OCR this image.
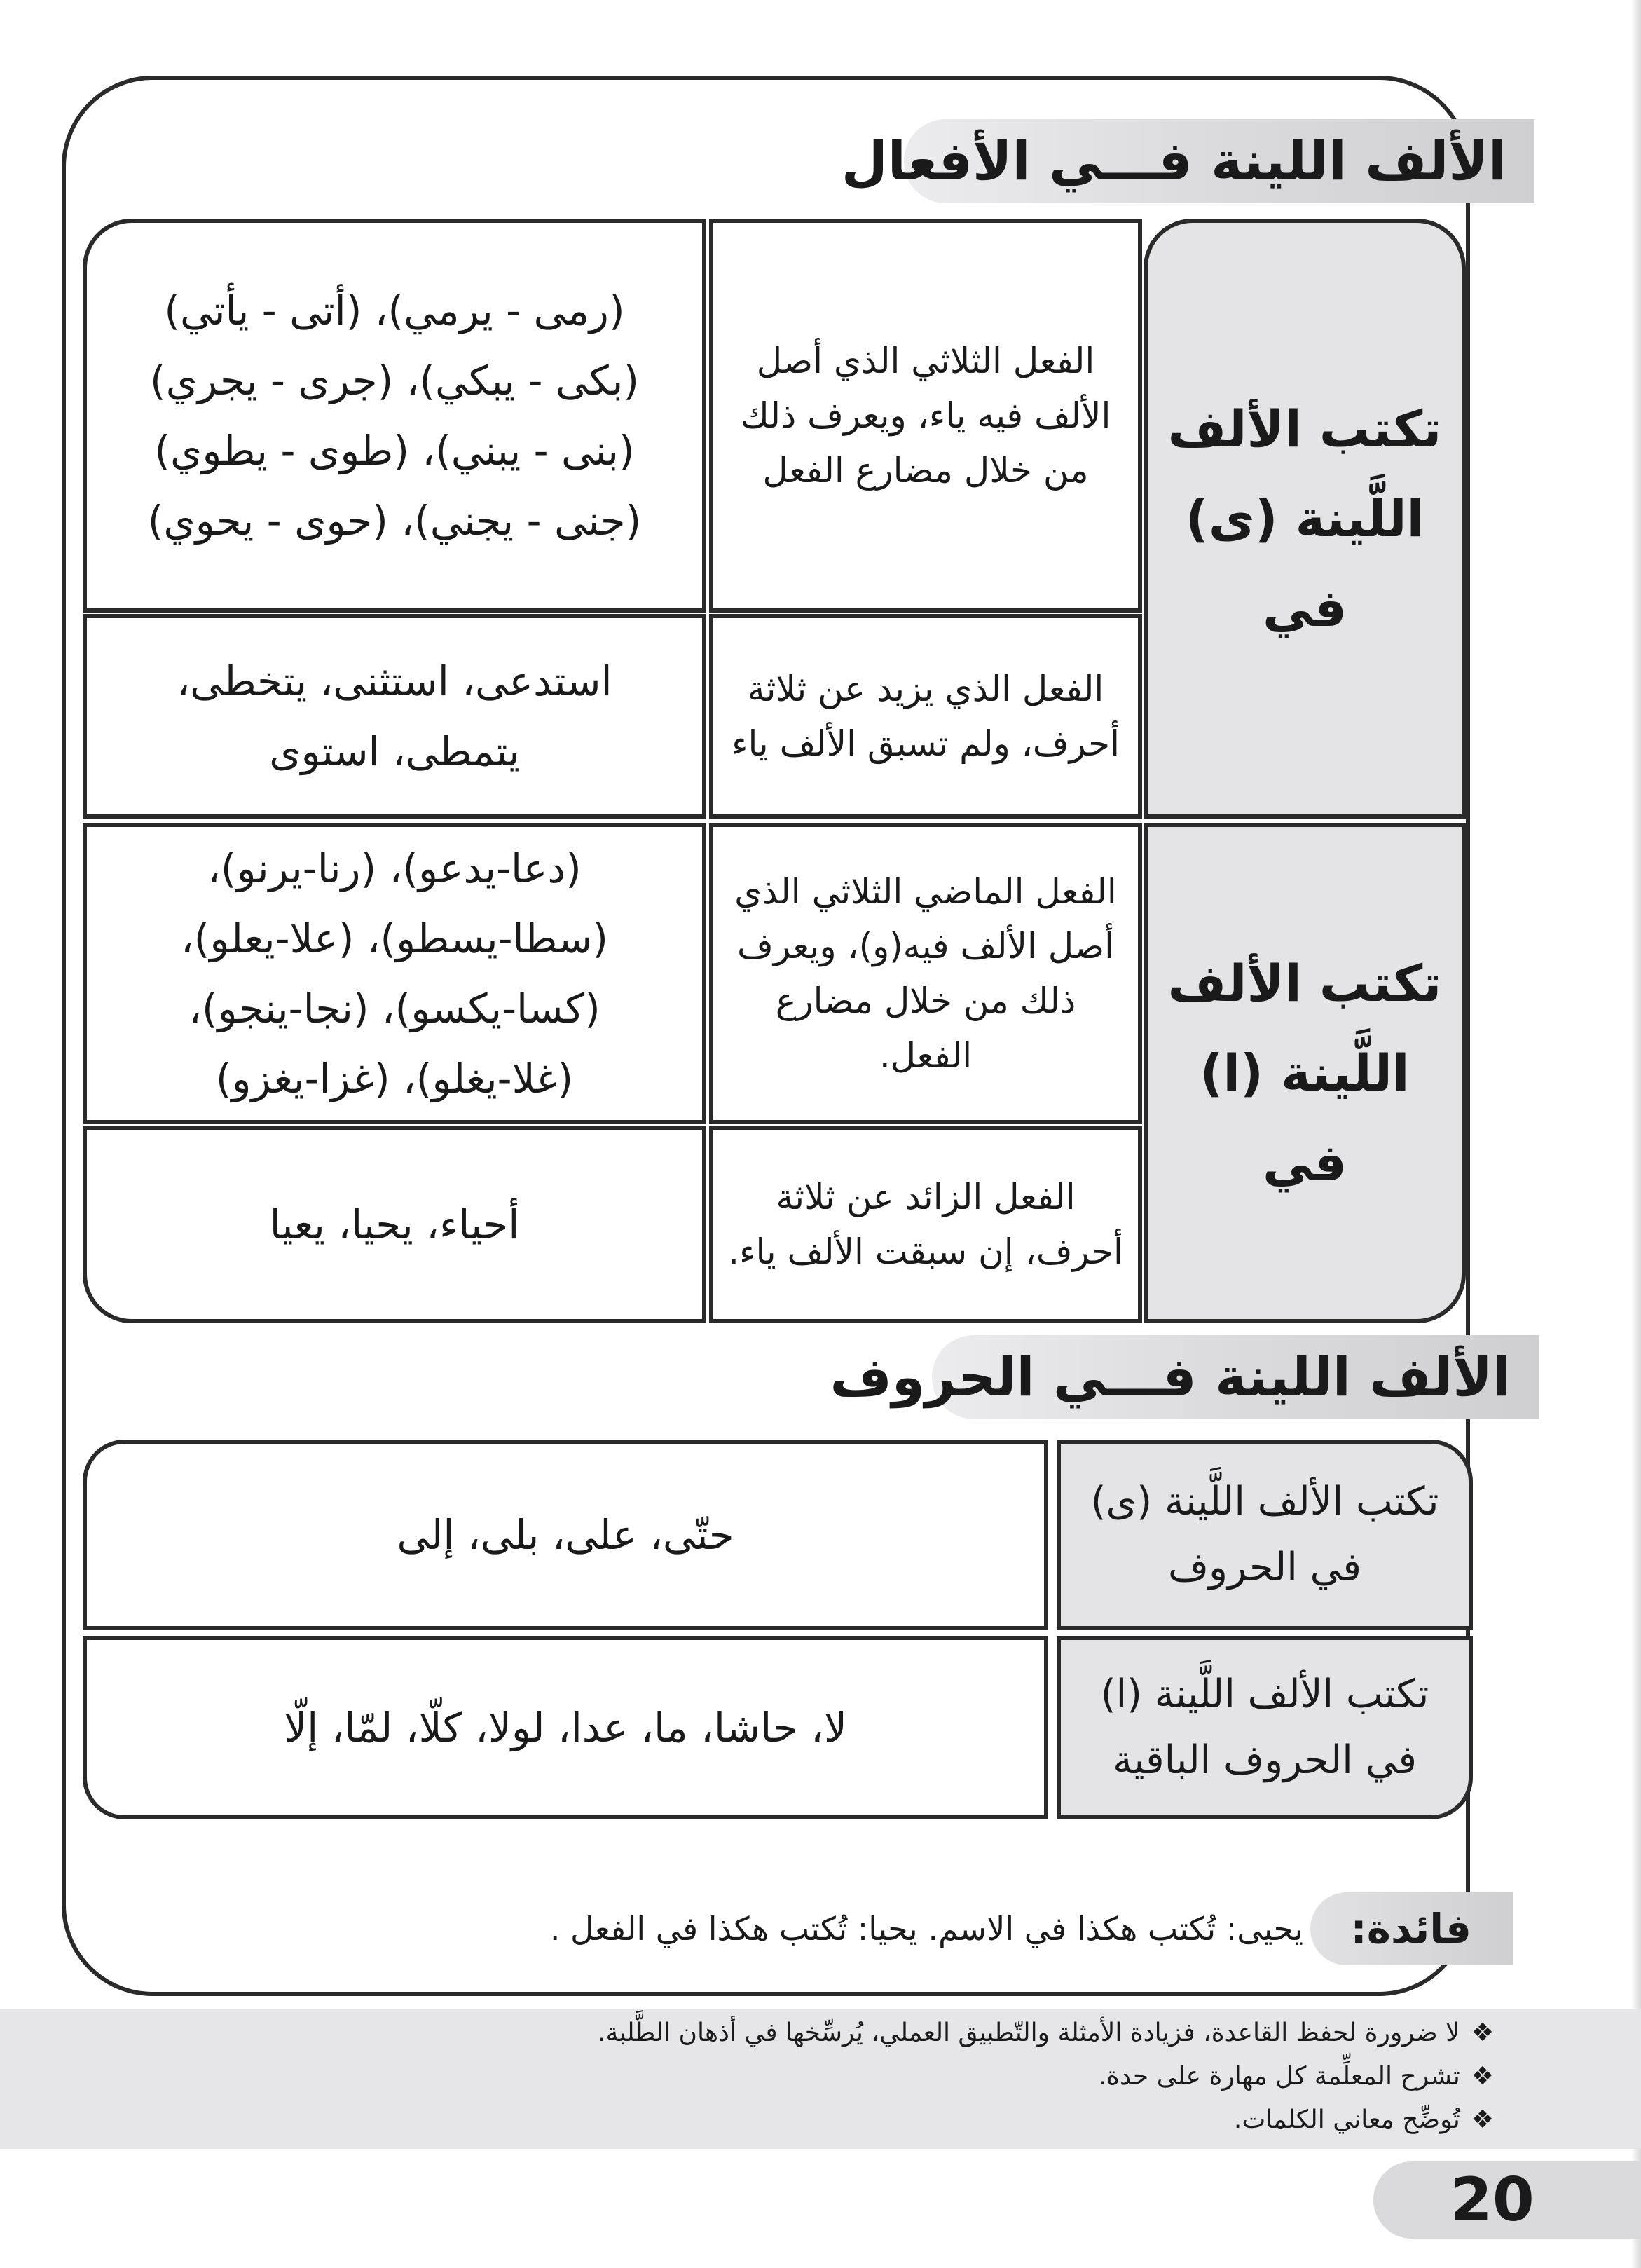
الألف اللينة فـــي الأفعال
تكتب الألف اللَّينة (ى) في
الفعل الثلاثي الذي أصل الألف فيه ياء، ويعرف ذلك من خلال مضارع الفعل
(رمى - يرمي)، (أتى - يأتي)
(بكى - يبكي)، (جرى - يجري)
(بنى - يبني)، (طوى - يطوي)
(جنى - يجني)، (حوى - يحوي)
الفعل الذي يزيد عن ثلاثة أحرف، ولم تسبق الألف ياء
استدعى، استثنى، يتخطى،
يتمطى، استوى
تكتب الألف اللَّينة (ا) في
الفعل الماضي الثلاثي الذي أصل الألف فيه(و)، ويعرف ذلك من خلال مضارع الفعل.
(دعا-يدعو)، (رنا-يرنو)،
(سطا-يسطو)، (علا-يعلو)،
(كسا-يكسو)، (نجا-ينجو)،
(غلا-يغلو)، (غزا-يغزو)
الفعل الزائد عن ثلاثة أحرف، إن سبقت الألف ياء.
أحياء، يحيا، يعيا
الألف اللينة فـــي الحروف
تكتب الألف اللَّينة (ى) في الحروف
حتّى، على، بلى، إلى
تكتب الألف اللَّينة (ا) في الحروف الباقية
لا، حاشا، ما، عدا، لولا، كلّا، لمّا، إلّا
فائدة:
يحيى: تُكتب هكذا في الاسم. يحيا: تُكتب هكذا في الفعل .
❖لا ضرورة لحفظ القاعدة، فزيادة الأمثلة والتّطبيق العملي، يُرسِّخها في أذهان الطَّلبة.
❖تشرح المعلِّمة كل مهارة على حدة.
❖تُوضِّح معاني الكلمات.
20
